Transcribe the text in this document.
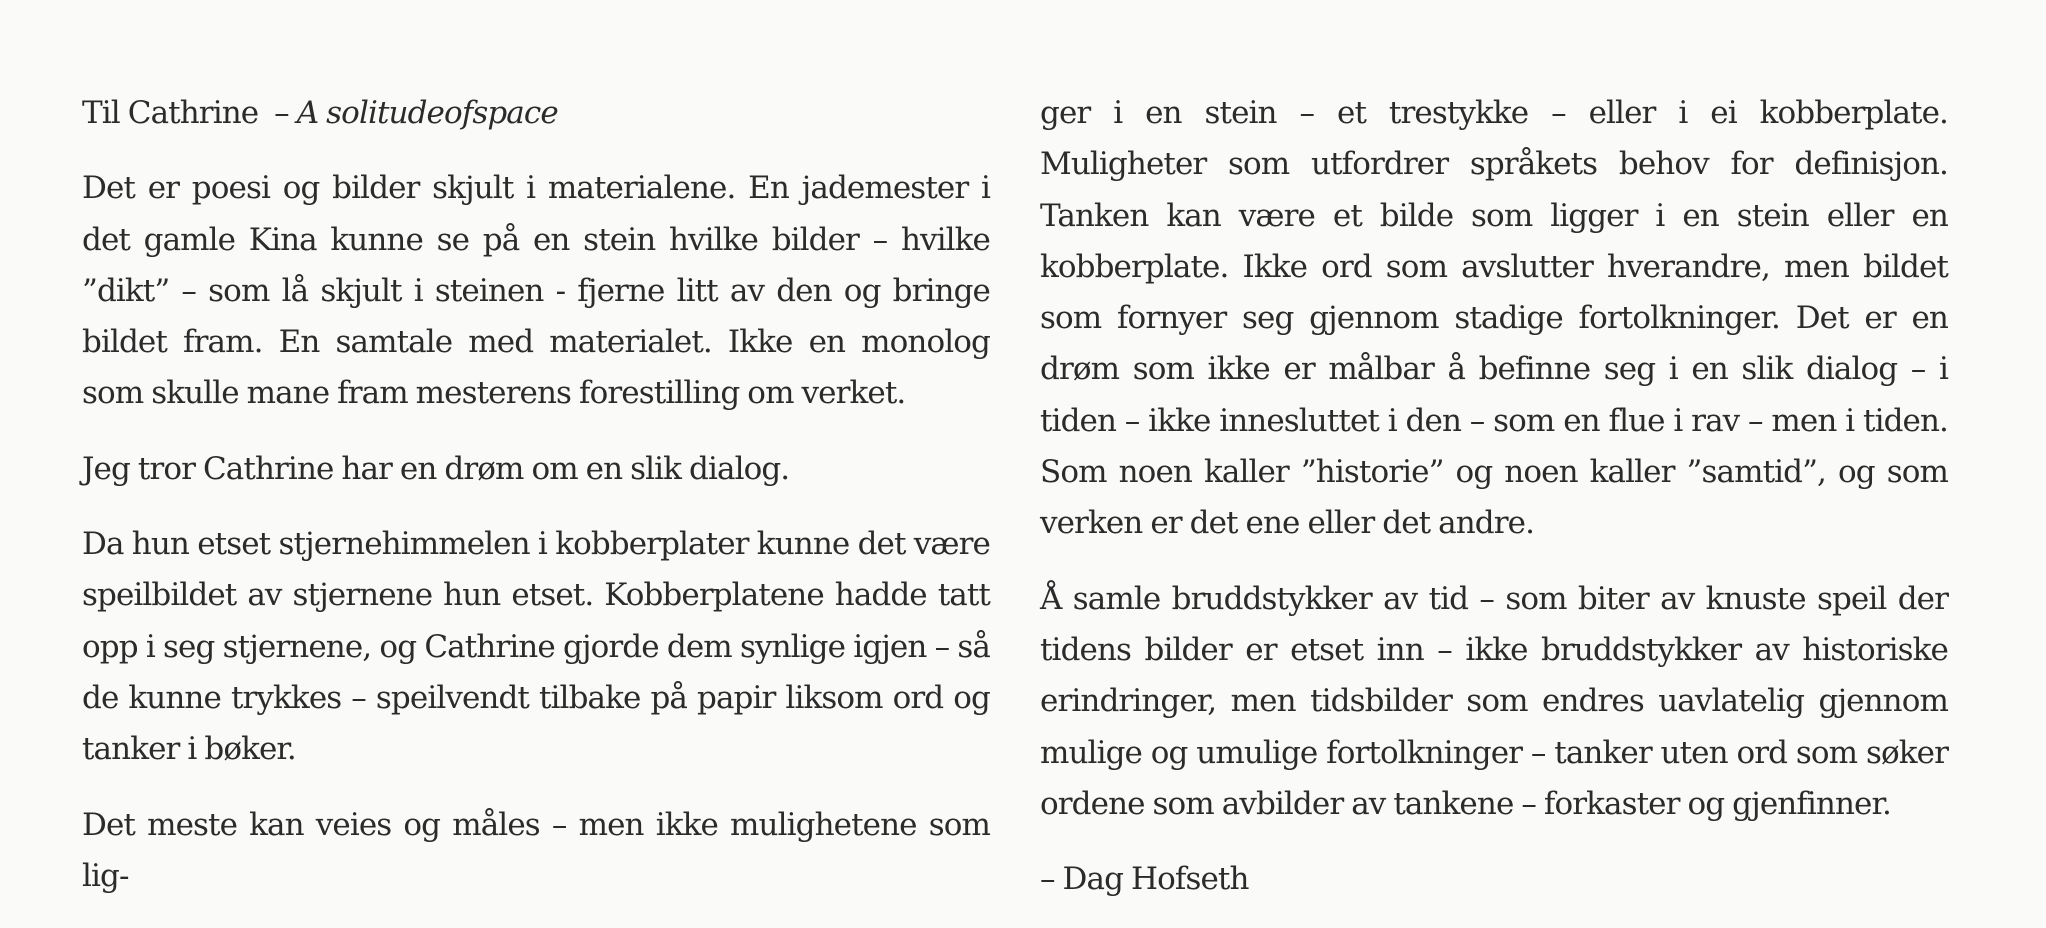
Til Cathrine – A solitudeofspace

Det er poesi og bilder skjult i materialene. En jademester i det gamle Kina kunne se på en stein hvilke bilder – hvilke ”dikt” – som lå skjult i steinen - fjerne litt av den og bringe bildet fram. En samtale med materialet. Ikke en monolog som skulle mane fram mesterens forestilling om verket.

Jeg tror Cathrine har en drøm om en slik dialog.

Da hun etset stjernehimmelen i kobberplater kunne det være speilbildet av stjernene hun etset. Kobberplatene hadde tatt opp i seg stjernene, og Cathrine gjorde dem synlige igjen – så de kunne trykkes – speilvendt tilbake på papir liksom ord og tanker i bøker.

Det meste kan veies og måles – men ikke mulighetene som lig-

ger i en stein – et trestykke – eller i ei kobberplate. Muligheter som utfordrer språkets behov for definisjon. Tanken kan være et bilde som ligger i en stein eller en kobberplate. Ikke ord som avslutter hverandre, men bildet som fornyer seg gjennom stadige fortolkninger. Det er en drøm som ikke er målbar å befinne seg i en slik dialog – i tiden – ikke innesluttet i den – som en flue i rav – men i tiden. Som noen kaller ”historie” og noen kaller ”samtid”, og som verken er det ene eller det andre.

Å samle bruddstykker av tid – som biter av knuste speil der tidens bilder er etset inn – ikke bruddstykker av historiske erindringer, men tidsbilder som endres uavlatelig gjennom mulige og umulige fortolkninger – tanker uten ord som søker ordene som avbilder av tankene – forkaster og gjenfinner.

– Dag Hofseth
